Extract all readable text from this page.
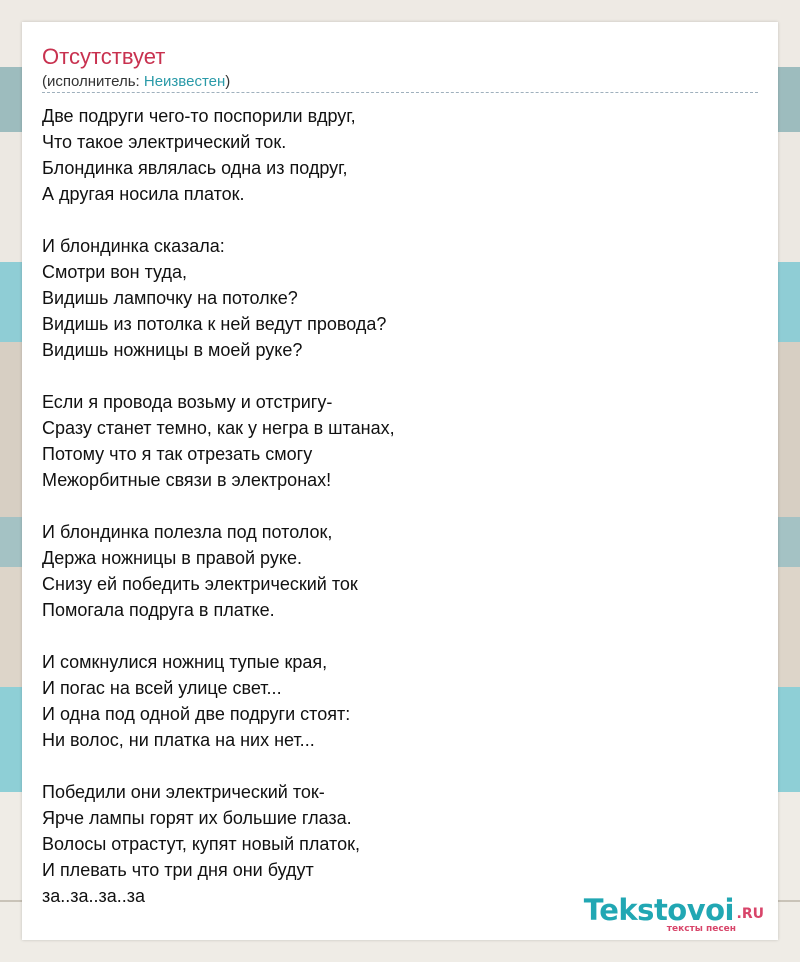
Отсутствует
(исполнитель: Неизвестен)
Две подруги чего-то поспорили вдруг,
Что такое электрический ток.
Блондинка являлась одна из подруг,
А другая носила платок.
И блондинка сказала:
Смотри вон туда,
Видишь лампочку на потолке?
Видишь из потолка к ней ведут провода?
Видишь ножницы в моей руке?
Если я провода возьму и отстригу-
Сразу станет темно, как у негра в штанах,
Потому что я так отрезать смогу
Межорбитные связи в электронах!
И блондинка полезла под потолок,
Держа ножницы в правой руке.
Снизу ей победить электрический ток
Помогала подруга в платке.
И сомкнулися ножниц тупые края,
И погас на всей улице свет...
И одна под одной две подруги стоят:
Ни волос, ни платка на них нет...
Победили они электрический ток-
Ярче лампы горят их большие глаза.
Волосы отрастут, купят новый платок,
И плевать что три дня они будут
за..за..за..за	Tekstovoi .RU
тексты песен
